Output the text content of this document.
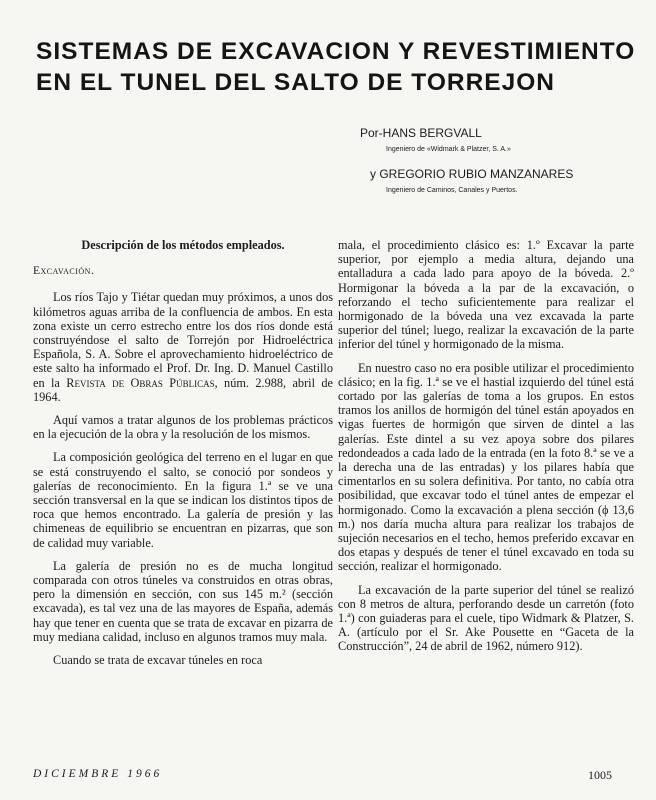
SISTEMAS DE EXCAVACION Y REVESTIMIENTO
EN EL TUNEL DEL SALTO DE TORREJON
Por-HANS BERGVALL
Ingeniero de «Widmark & Platzer, S. A.»
y GREGORIO RUBIO MANZANARES
Ingeniero de Caminos, Canales y Puertos.
Descripción de los métodos empleados.
Excavación.

Los ríos Tajo y Tiétar quedan muy próximos, a unos dos kilómetros aguas arriba de la confluencia de ambos. En esta zona existe un cerro estrecho entre los dos ríos donde está construyéndose el salto de Torrejón por Hidroeléctrica Española, S. A. Sobre el aprovechamiento hidroeléctrico de este salto ha informado el Prof. Dr. Ing. D. Manuel Castillo en la Revista de Obras Públicas, núm. 2.988, abril de 1964.

Aquí vamos a tratar algunos de los problemas prácticos en la ejecución de la obra y la resolución de los mismos.

La composición geológica del terreno en el lugar en que se está construyendo el salto, se conoció por sondeos y galerías de reconocimiento. En la figura 1.ª se ve una sección transversal en la que se indican los distintos tipos de roca que hemos encontrado. La galería de presión y las chimeneas de equilibrio se encuentran en pizarras, que son de calidad muy variable.

La galería de presión no es de mucha longitud comparada con otros túneles va construidos en otras obras, pero la dimensión en sección, con sus 145 m.² (sección excavada), es tal vez una de las mayores de España, además hay que tener en cuenta que se trata de excavar en pizarra de muy mediana calidad, incluso en algunos tramos muy mala.

Cuando se trata de excavar túneles en roca

mala, el procedimiento clásico es: 1.º Excavar la parte superior, por ejemplo a media altura, dejando una entalladura a cada lado para apoyo de la bóveda. 2.º Hormigonar la bóveda a la par de la excavación, o reforzando el techo suficientemente para realizar el hormigonado de la bóveda una vez excavada la parte superior del túnel; luego, realizar la excavación de la parte inferior del túnel y hormigonado de la misma.

En nuestro caso no era posible utilizar el procedimiento clásico; en la fig. 1.ª se ve el hastial izquierdo del túnel está cortado por las galerías de toma a los grupos. En estos tramos los anillos de hormigón del túnel están apoyados en vigas fuertes de hormigón que sirven de dintel a las galerías. Este dintel a su vez apoya sobre dos pilares redondeados a cada lado de la entrada (en la foto 8.ª se ve a la derecha una de las entradas) y los pilares había que cimentarlos en su solera definitiva. Por tanto, no cabía otra posibilidad, que excavar todo el túnel antes de empezar el hormigonado. Como la excavación a plena sección (ϕ 13,6 m.) nos daría mucha altura para realizar los trabajos de sujeción necesarios en el techo, hemos preferido excavar en dos etapas y después de tener el túnel excavado en toda su sección, realizar el hormigonado.

La excavación de la parte superior del túnel se realizó con 8 metros de altura, perforando desde un carretón (foto 1.ª) con guiaderas para el cuele, tipo Widmark & Platzer, S. A. (artículo por el Sr. Ake Pousette en “Gaceta de la Construcción”, 24 de abril de 1962, número 912).

DICIEMBRE 1966	1005
